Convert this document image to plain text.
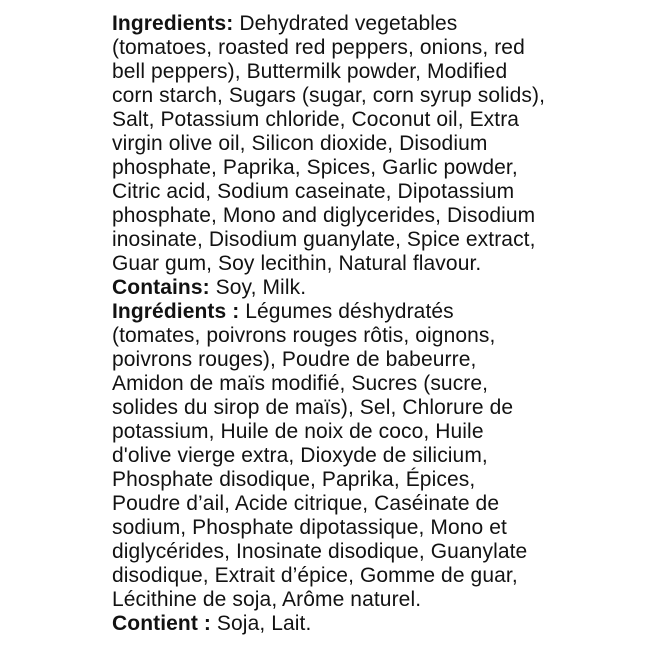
Ingredients: Dehydrated vegetables
(tomatoes, roasted red peppers, onions, red
bell peppers), Buttermilk powder, Modified
corn starch, Sugars (sugar, corn syrup solids),
Salt, Potassium chloride, Coconut oil, Extra
virgin olive oil, Silicon dioxide, Disodium
phosphate, Paprika, Spices, Garlic powder,
Citric acid, Sodium caseinate, Dipotassium
phosphate, Mono and diglycerides, Disodium
inosinate, Disodium guanylate, Spice extract,
Guar gum, Soy lecithin, Natural flavour.
Contains: Soy, Milk.
Ingrédients : Légumes déshydratés
(tomates, poivrons rouges rôtis, oignons,
poivrons rouges), Poudre de babeurre,
Amidon de maïs modifié, Sucres (sucre,
solides du sirop de maïs), Sel, Chlorure de
potassium, Huile de noix de coco, Huile
d'olive vierge extra, Dioxyde de silicium,
Phosphate disodique, Paprika, Épices,
Poudre d’ail, Acide citrique, Caséinate de
sodium, Phosphate dipotassique, Mono et
diglycérides, Inosinate disodique, Guanylate
disodique, Extrait d’épice, Gomme de guar,
Lécithine de soja, Arôme naturel.
Contient : Soja, Lait.
